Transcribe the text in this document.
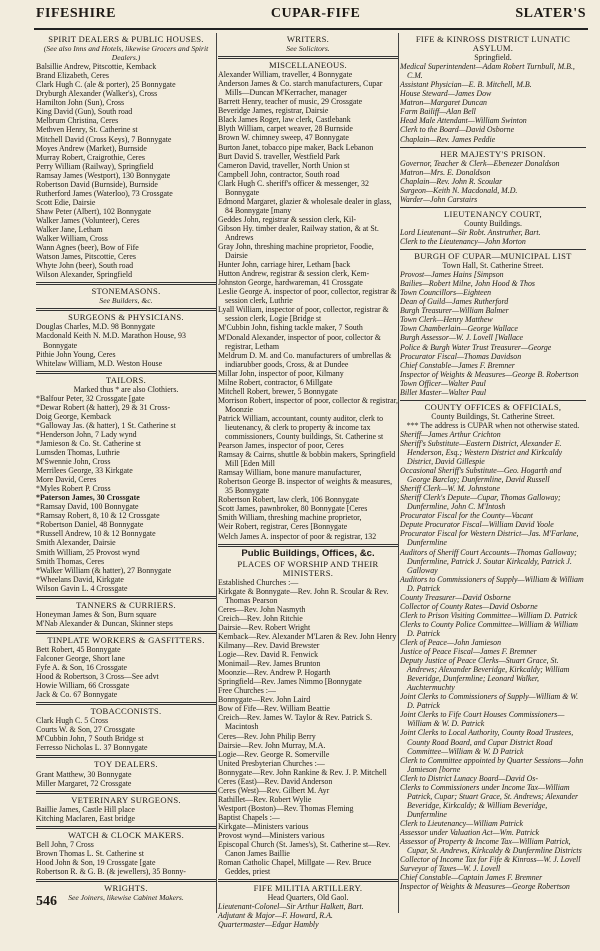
FIFESHIRE	CUPAR-FIFE	SLATER'S
SPIRIT DEALERS & PUBLIC HOUSES.
(See also Inns and Hotels, likewise Grocers and Spirit Dealers.)
Balsillie Andrew, Pitscottie, Kemback
Brand Elizabeth, Ceres
Clark Hugh C. (ale & porter), 25 Bonnygate
Dryburgh Alexander (Walker's), Cross
Hamilton John (Sun), Cross
King David (Gun), South road
Melbrum Christina, Ceres
Methven Henry, St. Catherine st
Mitchell David (Cross Keys), 7 Bonnygate
Moyes Andrew (Market), Burnside
Murray Robert, Craigrothie, Ceres
Perry William (Railway), Springfield
Ramsay James (Westport), 130 Bonnygate
Robertson David (Burnside), Burnside
Rutherford James (Waterloo), 73 Crossgate
Scott Edie, Dairsie
Shaw Peter (Albert), 102 Bonnygate
Walker James (Volunteer), Ceres
Walker Jane, Letham
Walker William, Cross
Wann Agnes (beer), Bow of Fife
Watson James, Pitscottie, Ceres
Whyte John (beer), South road
Wilson Alexander, Springfield
STONEMASONS.
See Builders, &c.
SURGEONS & PHYSICIANS.
Douglas Charles, M.D. 98 Bonnygate
Macdonald Keith N. M.D. Marathon House, 93 Bonnygate
Pithie John Young, Ceres
Whitelaw William, M.D. Weston House
TAILORS.
Marked thus * are also Clothiers.
*Balfour Peter, 32 Crossgate [gate
*Dewar Robert (& hatter), 29 & 31 Cross-
Doig George, Kemback
*Galloway Jas. (& hatter), 1 St. Catherine st
*Henderson John, 7 Lady wynd
*Jamieson & Co. St. Catherine st
Lumsden Thomas, Luthrie
M'Swennie John, Cross
Merrilees George, 33 Kirkgate
More David, Ceres
*Myles Robert P. Cross
*Paterson James, 30 Crossgate
*Ramsay David, 100 Bonnygate
*Ramsay Robert, 8, 10 & 12 Crossgate
*Robertson Daniel, 48 Bonnygate
*Russell Andrew, 10 & 12 Bonnygate
Smith Alexander, Dairsie
Smith William, 25 Provost wynd
Smith Thomas, Ceres
*Walker William (& hatter), 27 Bonnygate
*Wheelans David, Kirkgate
Wilson Gavin L. 4 Crossgate
TANNERS & CURRIERS.
Honeyman James & Son, Burn square
M'Nab Alexander & Duncan, Skinner steps
TINPLATE WORKERS & GASFITTERS.
Bett Robert, 45 Bonnygate
Falconer George, Short lane
Fyfe A. & Son, 16 Crossgate
Hood & Robertson, 3 Cross—See advt
Howie William, 66 Crossgate
Jack & Co. 67 Bonnygate
TOBACCONISTS.
Clark Hugh C. 5 Cross
Courts W. & Son, 27 Crossgate
M'Cubbin John, 7 South Bridge st
Ferresso Nicholas L. 37 Bonnygate
TOY DEALERS.
Grant Matthew, 30 Bonnygate
Miller Margaret, 72 Crossgate
VETERINARY SURGEONS.
Baillie James, Castle Hill place
Kitching Maclaren, East bridge
WATCH & CLOCK MAKERS.
Bell John, 7 Cross
Brown Thomas L. St. Catherine st
Hood John & Son, 19 Crossgate [gate
Robertson R. & G. B. (& jewellers), 35 Bonny-
WRIGHTS.
See Joiners, likewise Cabinet Makers.
WRITERS.
See Solicitors.
MISCELLANEOUS.
Alexander William, traveller, 4 Bonnygate
Anderson James & Co. starch manufacturers, Cupar Mills—Duncan M'Kerracher, manager
Barrett Henry, teacher of music, 29 Crossgate
Beveridge James, registrar, Dairsie
Black James Roger, law clerk, Castlebank
Blyth William, carpet weaver, 28 Burnside
Brown W. chimney sweep, 47 Bonnygate
Burton Janet, tobacco pipe maker, Back Lebanon
Burt David S. traveller, Westfield Park
Cameron David, traveller, North Union st
Campbell John, contractor, South road
Clark Hugh C. sheriff's officer & messenger, 32 Bonnygate
Edmond Margaret, glazier & wholesale dealer in glass, 84 Bonnygate [many
Geddes John, registrar & session clerk, Kil-
Gibson Hy. timber dealer, Railway station, & at St. Andrews
Gray John, threshing machine proprietor, Foodie, Dairsie
Hunter John, carriage hirer, Letham [back
Hutton Andrew, registrar & session clerk, Kem-
Johnston George, hardwareman, 41 Crossgate
Leslie George A. inspector of poor, collector, registrar & session clerk, Luthrie
Lyall William, inspector of poor, collector, registrar & session clerk, Logie [Bridge st
M'Cubbin John, fishing tackle maker, 7 South
M'Donald Alexander, inspector of poor, collector & registrar, Letham
Meldrum D. M. and Co. manufacturers of umbrellas & indiarubber goods, Cross, & at Dundee
Millar John, inspector of poor, Kilmany
Milne Robert, contractor, 6 Millgate
Mitchell Robert, brewer, 5 Bonnygate
Morrison Robert, inspector of poor, collector & registrar, Moonzie
Patrick William, accountant, county auditor, clerk to lieutenancy, & clerk to property & income tax commissioners, County buildings, St. Catherine st
Pearson James, inspector of poor, Ceres
Ramsay & Cairns, shuttle & bobbin makers, Springfield Mill [Eden Mill
Ramsay William, bone manure manufacturer,
Robertson George B. inspector of weights & measures, 35 Bonnygate
Robertson Robert, law clerk, 106 Bonnygate
Scott James, pawnbroker, 80 Bonnygate [Ceres
Smith William, threshing machine proprietor,
Weir Robert, registrar, Ceres [Bonnygate
Welch James A. inspector of poor & registrar, 132
Public Buildings, Offices, &c.
PLACES OF WORSHIP AND THEIR MINISTERS.
Established Churches :—
Kirkgate & Bonnygate—Rev. John R. Scoular & Rev. Thomas Pearson
Ceres—Rev. John Nasmyth
Creich—Rev. John Ritchie
Dairsie—Rev. Robert Wright
Kemback—Rev. Alexander M'Laren & Rev. John Henry
Kilmany—Rev. David Brewster
Logie—Rev. David R. Fenwick
Monimail—Rev. James Brunton
Moonzie—Rev. Andrew P. Hogarth
Springfield—Rev. James Nimmo [Bonnygate
Free Churches :—
Bonnygate—Rev. John Laird
Bow of Fife—Rev. William Beattie
Creich—Rev. James W. Taylor & Rev. Patrick S. Macintosh
Ceres—Rev. John Philip Berry
Dairsie—Rev. John Murray, M.A.
Logie—Rev. George R. Somerville
United Presbyterian Churches :—
Bonnygate—Rev. John Rankine & Rev. J. P. Mitchell
Ceres (East)—Rev. David Anderson
Ceres (West)—Rev. Gilbert M. Ayr
Rathillet—Rev. Robert Wylie
Westport (Boston)—Rev. Thomas Fleming
Baptist Chapels :—
Kirkgate—Ministers various
Provost wynd—Ministers various
Episcopal Church (St. James's), St. Catherine st—Rev. Canon James Baillie
Roman Catholic Chapel, Millgate — Rev. Bruce Geddes, priest
FIFE MILITIA ARTILLERY.
Head Quarters, Old Gaol.
Lieutenant-Colonel—Sir Arthur Halkett, Bart.
Adjutant & Major—F. Howard, R.A.
Quartermaster—Edgar Hambly
FIFE & KINROSS DISTRICT LUNATIC ASYLUM.
Springfield.
Medical Superintendent—Adam Robert Turnbull, M.B., C.M.
Assistant Physician—E. B. Mitchell, M.B.
House Steward—James Dow
Matron—Margaret Duncan
Farm Bailiff—Alan Bell
Head Male Attendant—William Swinton
Clerk to the Board—David Osborne
Chaplain—Rev. James Peddie
HER MAJESTY'S PRISON.
Governor, Teacher & Clerk—Ebenezer Donaldson
Matron—Mrs. E. Donaldson
Chaplain—Rev. John R. Scoular
Surgeon—Keith N. Macdonald, M.D.
Warder—John Carstairs
LIEUTENANCY COURT,
County Buildings.
Lord Lieutenant—Sir Robt. Anstruther, Bart.
Clerk to the Lieutenancy—John Morton
BURGH OF CUPAR—MUNICIPAL LIST
Town Hall, St. Catherine Street.
Provost—James Hains [Simpson
Bailies—Robert Milne, John Hood & Thos
Town Councillors—Eighteen
Dean of Guild—James Rutherford
Burgh Treasurer—William Balmer
Town Clerk—Henry Matthew
Town Chamberlain—George Wallace
Burgh Assessor—W. J. Lovell [Wallace
Police & Burgh Water Trust Treasurer—George
Procurator Fiscal—Thomas Davidson
Chief Constable—James F. Bremner
Inspector of Weights & Measures—George B. Robertson
Town Officer—Walter Paul
Billet Master—Walter Paul
COUNTY OFFICES & OFFICIALS,
County Buildings, St. Catherine Street.
*** The address is CUPAR when not otherwise stated.
Sheriff—James Arthur Crichton
Sheriff's Substitute—Eastern District, Alexander E. Henderson, Esq.; Western District and Kirkcaldy District, David Gillespie
Occasional Sheriff's Substitute—Geo. Hogarth and George Barclay; Dunfermline, David Russell
Sheriff Clerk—W. M. Johnstone
Sheriff Clerk's Depute—Cupar, Thomas Galloway; Dunfermline, John C. M'Intosh
Procurator Fiscal for the County—Vacant
Depute Procurator Fiscal—William David Yoole
Procurator Fiscal for Western District—Jas. M'Farlane, Dunfermline
Auditors of Sheriff Court Accounts—Thomas Galloway; Dunfermline, Patrick J. Soutar Kirkcaldy, Patrick J. Galloway
Auditors to Commissioners of Supply—William & William D. Patrick
County Treasurer—David Osborne
Collector of County Rates—David Osborne
Clerk to Prison Visiting Committee—William D. Patrick
Clerks to County Police Committee—William & William D. Patrick
Clerk of Peace—John Jamieson
Justice of Peace Fiscal—James F. Bremner
Deputy Justice of Peace Clerks—Stuart Grace, St. Andrews; Alexander Beveridge, Kirkcaldy; William Beveridge, Dunfermline; Leonard Walker, Auchtermuchty
Joint Clerks to Commissioners of Supply—William & W. D. Patrick
Joint Clerks to Fife Court Houses Commissioners—William & W. D. Patrick
Joint Clerks to Local Authority, County Road Trustees, County Road Board, and Cupar District Road Committee—William & W. D Patrick
Clerk to Committee appointed by Quarter Sessions—John Jamieson [borne
Clerk to District Lunacy Board—David Os-
Clerks to Commissioners under Income Tax—William Patrick, Cupar; Stuart Grace, St. Andrews; Alexander Beveridge, Kirkcaldy; & William Beveridge, Dunfermline
Clerk to Lieutenancy—William Patrick
Assessor under Valuation Act—Wm. Patrick
Assessor of Property & Income Tax—William Patrick, Cupar, St. Andrews, Kirkcaldy & Dunfermline Districts
Collector of Income Tax for Fife & Kinross—W. J. Lovell
Surveyor of Taxes—W. J. Lovell
Chief Constable—Captain James F. Bremner
Inspector of Weights & Measures—George Robertson
546
